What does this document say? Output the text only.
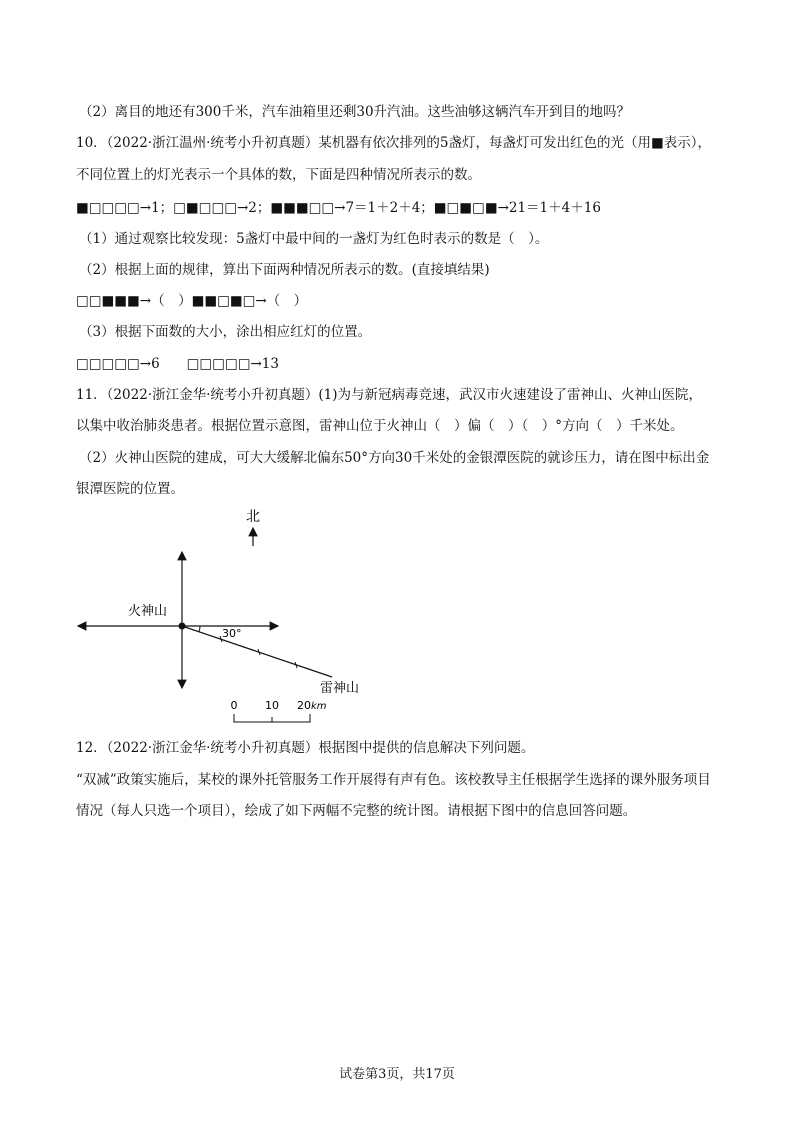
（2）离目的地还有300千米，汽车油箱里还剩30升汽油。这些油够这辆汽车开到目的地吗？
10．（2022·浙江温州·统考小升初真题）某机器有依次排列的5盏灯，每盏灯可发出红色的光（用■表示），
不同位置上的灯光表示一个具体的数，下面是四种情况所表示的数。
■□□□□→1；□■□□□→2；■■■□□→7＝1＋2＋4；■□■□■→21＝1＋4＋16
（1）通过观察比较发现：5盏灯中最中间的一盏灯为红色时表示的数是（　）。
（2）根据上面的规律，算出下面两种情况所表示的数。(直接填结果)
□□■■■→（　）■■□■□→（　）
（3）根据下面数的大小，涂出相应红灯的位置。
□□□□□→6　　□□□□□→13
11．（2022·浙江金华·统考小升初真题）(1)为与新冠病毒竞速，武汉市火速建设了雷神山、火神山医院，
以集中收治肺炎患者。根据位置示意图，雷神山位于火神山（　）偏（　）（　）°方向（　）千米处。
（2）火神山医院的建成，可大大缓解北偏东50°方向30千米处的金银潭医院的就诊压力，请在图中标出金
银潭医院的位置。
北
30°
火神山
雷神山
0	10 20 km
12．（2022·浙江金华·统考小升初真题）根据图中提供的信息解决下列问题。
“双减”政策实施后，某校的课外托管服务工作开展得有声有色。该校教导主任根据学生选择的课外服务项目
情况（每人只选一个项目），绘成了如下两幅不完整的统计图。请根据下图中的信息回答问题。
试卷第3页，共17页
